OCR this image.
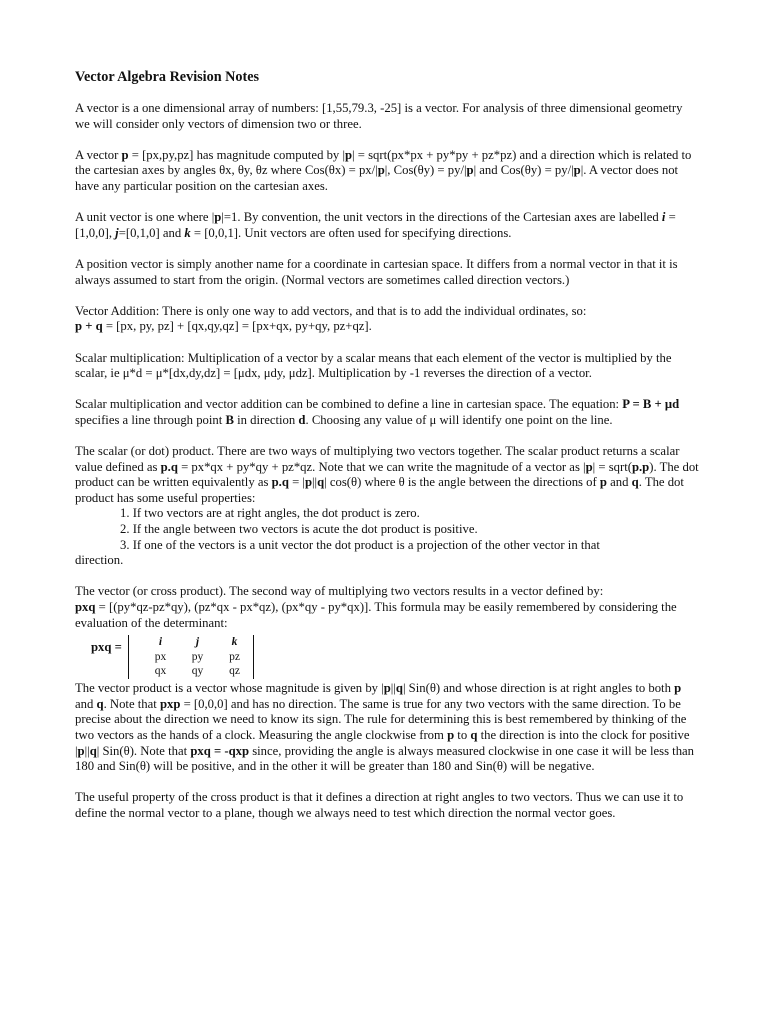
Vector Algebra Revision Notes

A vector is a one dimensional array of numbers: [1,55,79.3, -25] is a vector. For analysis of three dimensional geometry we will consider only vectors of dimension two or three.

A vector p = [px,py,pz] has magnitude computed by |p| = sqrt(px*px + py*py + pz*pz) and a direction which is related to the cartesian axes by angles θx, θy, θz where Cos(θx) = px/|p|, Cos(θy) = py/|p| and Cos(θy) = py/|p|. A vector does not have any particular position on the cartesian axes.

A unit vector is one where |p|=1. By convention, the unit vectors in the directions of the Cartesian axes are labelled i = [1,0,0], j=[0,1,0] and k = [0,0,1]. Unit vectors are often used for specifying directions.

A position vector is simply another name for a coordinate in cartesian space. It differs from a normal vector in that it is always assumed to start from the origin. (Normal vectors are sometimes called direction vectors.)

Vector Addition: There is only one way to add vectors, and that is to add the individual ordinates, so:
p + q = [px, py, pz] + [qx,qy,qz] = [px+qx, py+qy, pz+qz].

Scalar multiplication: Multiplication of a vector by a scalar means that each element of the vector is multiplied by the scalar, ie μ*d = μ*[dx,dy,dz] = [μdx, μdy, μdz]. Multiplication by -1 reverses the direction of a vector.

Scalar multiplication and vector addition can be combined to define a line in cartesian space. The equation: P = B + μd specifies a line through point B in direction d. Choosing any value of μ will identify one point on the line.

The scalar (or dot) product. There are two ways of multiplying two vectors together. The scalar product returns a scalar value defined as p.q = px*qx + py*qy + pz*qz. Note that we can write the magnitude of a vector as |p| = sqrt(p.p). The dot product can be written equivalently as p.q = |p||q| cos(θ) where θ is the angle between the directions of p and q. The dot product has some useful properties:

1. If two vectors are at right angles, the dot product is zero.
2. If the angle between two vectors is acute the dot product is positive.
3. If one of the vectors is a unit vector the dot product is a projection of the other vector in that

direction.

The vector (or cross product). The second way of multiplying two vectors results in a vector defined by:
pxq = [(py*qz-pz*qy), (pz*qx - px*qz), (px*qy - py*qx)]. This formula may be easily remembered by considering the evaluation of the determinant:

pxq =	i	j	k
px	py	pz
qx	qy	qz

The vector product is a vector whose magnitude is given by |p||q| Sin(θ) and whose direction is at right angles to both p and q. Note that pxp = [0,0,0] and has no direction. The same is true for any two vectors with the same direction. To be precise about the direction we need to know its sign. The rule for determining this is best remembered by thinking of the two vectors as the hands of a clock. Measuring the angle clockwise from p to q the direction is into the clock for positive |p||q| Sin(θ). Note that pxq = -qxp since, providing the angle is always measured clockwise in one case it will be less than 180 and Sin(θ) will be positive, and in the other it will be greater than 180 and Sin(θ) will be negative.

The useful property of the cross product is that it defines a direction at right angles to two vectors. Thus we can use it to define the normal vector to a plane, though we always need to test which direction the normal vector goes.
